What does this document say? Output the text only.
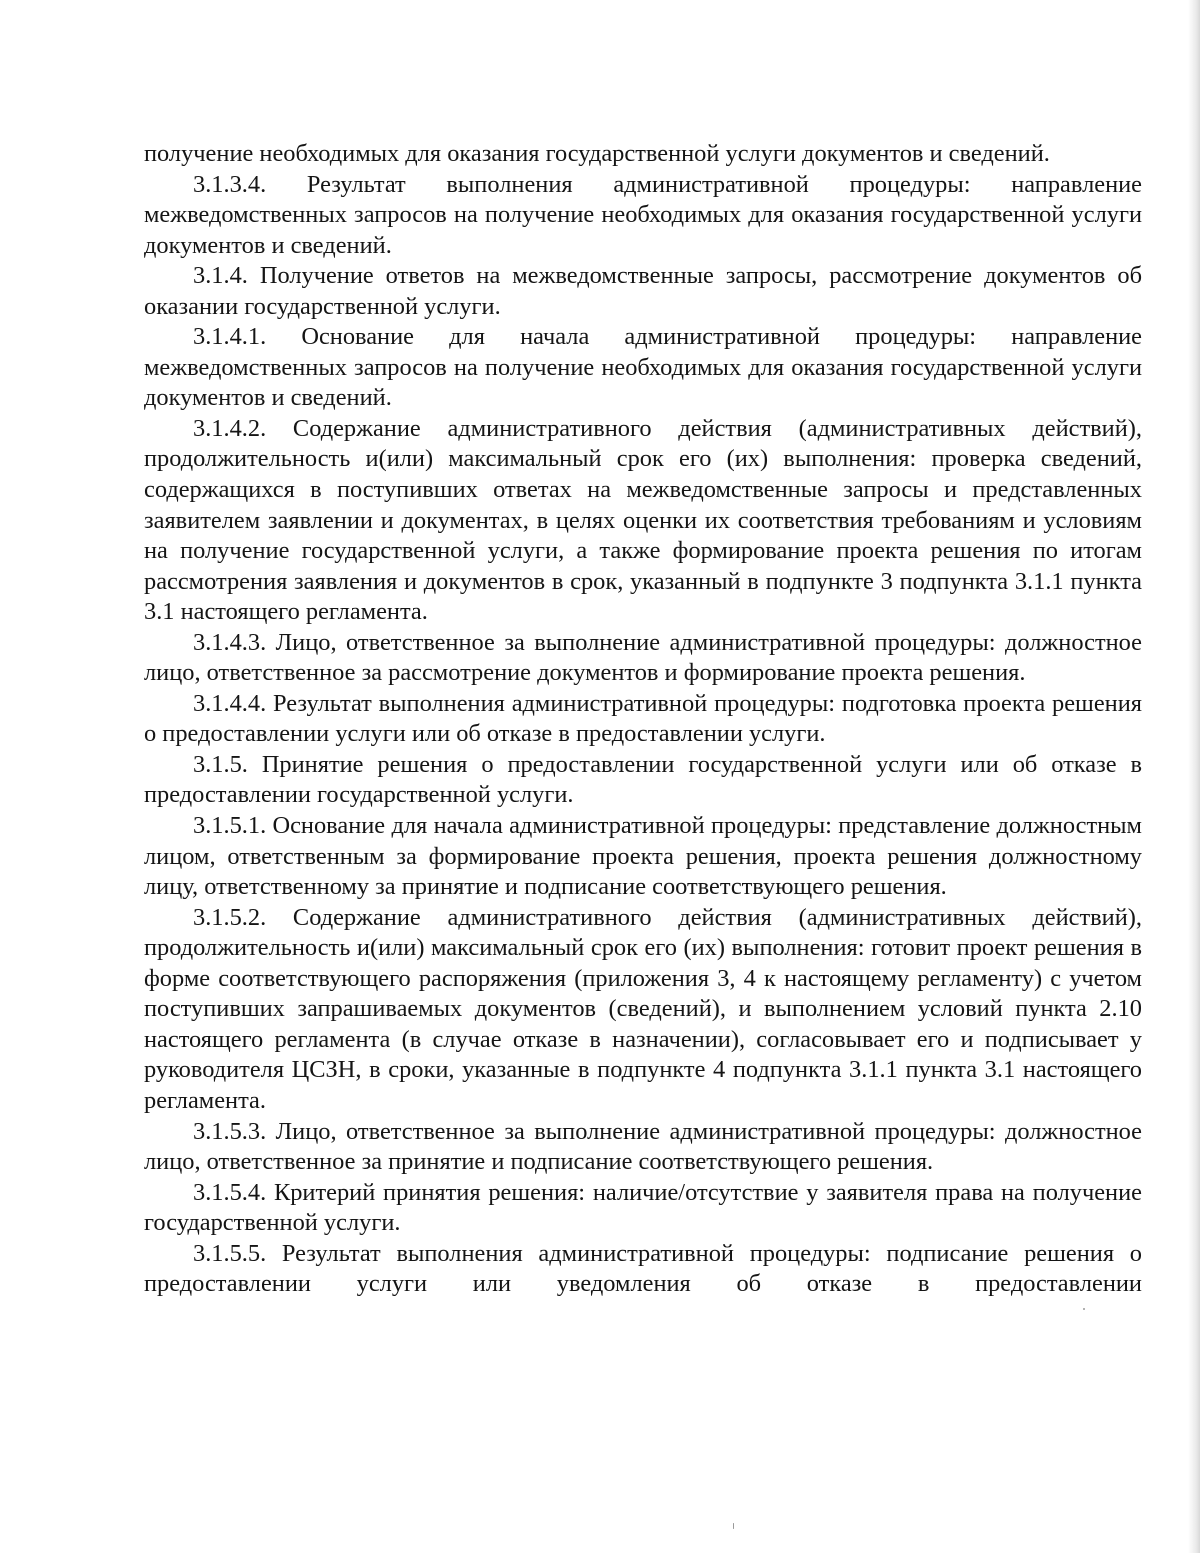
получение необходимых для оказания государственной услуги документов и сведений.

3.1.3.4. Результат выполнения административной процедуры: направление межведомственных запросов на получение необходимых для оказания государственной услуги документов и сведений.

3.1.4. Получение ответов на межведомственные запросы, рассмотрение документов об оказании государственной услуги.

3.1.4.1. Основание для начала административной процедуры: направление межведомственных запросов на получение необходимых для оказания государственной услуги документов и сведений.

3.1.4.2. Содержание административного действия (административных действий), продолжительность и(или) максимальный срок его (их) выполнения: проверка сведений, содержащихся в поступивших ответах на межведомственные запросы и представленных заявителем заявлении и документах, в целях оценки их соответствия требованиям и условиям на получение государственной услуги, а также формирование проекта решения по итогам рассмотрения заявления и документов в срок, указанный в подпункте 3 подпункта 3.1.1 пункта 3.1 настоящего регламента.

3.1.4.3. Лицо, ответственное за выполнение административной процедуры: должностное лицо, ответственное за рассмотрение документов и формирование проекта решения.

3.1.4.4. Результат выполнения административной процедуры: подготовка проекта решения о предоставлении услуги или об отказе в предоставлении услуги.

3.1.5. Принятие решения о предоставлении государственной услуги или об отказе в предоставлении государственной услуги.

3.1.5.1. Основание для начала административной процедуры: представление должностным лицом, ответственным за формирование проекта решения, проекта решения должностному лицу, ответственному за принятие и подписание соответствующего решения.

3.1.5.2. Содержание административного действия (административных действий), продолжительность и(или) максимальный срок его (их) выполнения: готовит проект решения в форме соответствующего распоряжения (приложения 3, 4 к настоящему регламенту) с учетом поступивших запрашиваемых документов (сведений), и выполнением условий пункта 2.10 настоящего регламента (в случае отказе в назначении), согласовывает его и подписывает у руководителя ЦСЗН, в сроки, указанные в подпункте 4 подпункта 3.1.1 пункта 3.1 настоящего регламента.

3.1.5.3. Лицо, ответственное за выполнение административной процедуры: должностное лицо, ответственное за принятие и подписание соответствующего решения.

3.1.5.4. Критерий принятия решения: наличие/отсутствие у заявителя права на получение государственной услуги.

3.1.5.5. Результат выполнения административной процедуры: подписание решения о предоставлении услуги или уведомления об отказе в предоставлении
